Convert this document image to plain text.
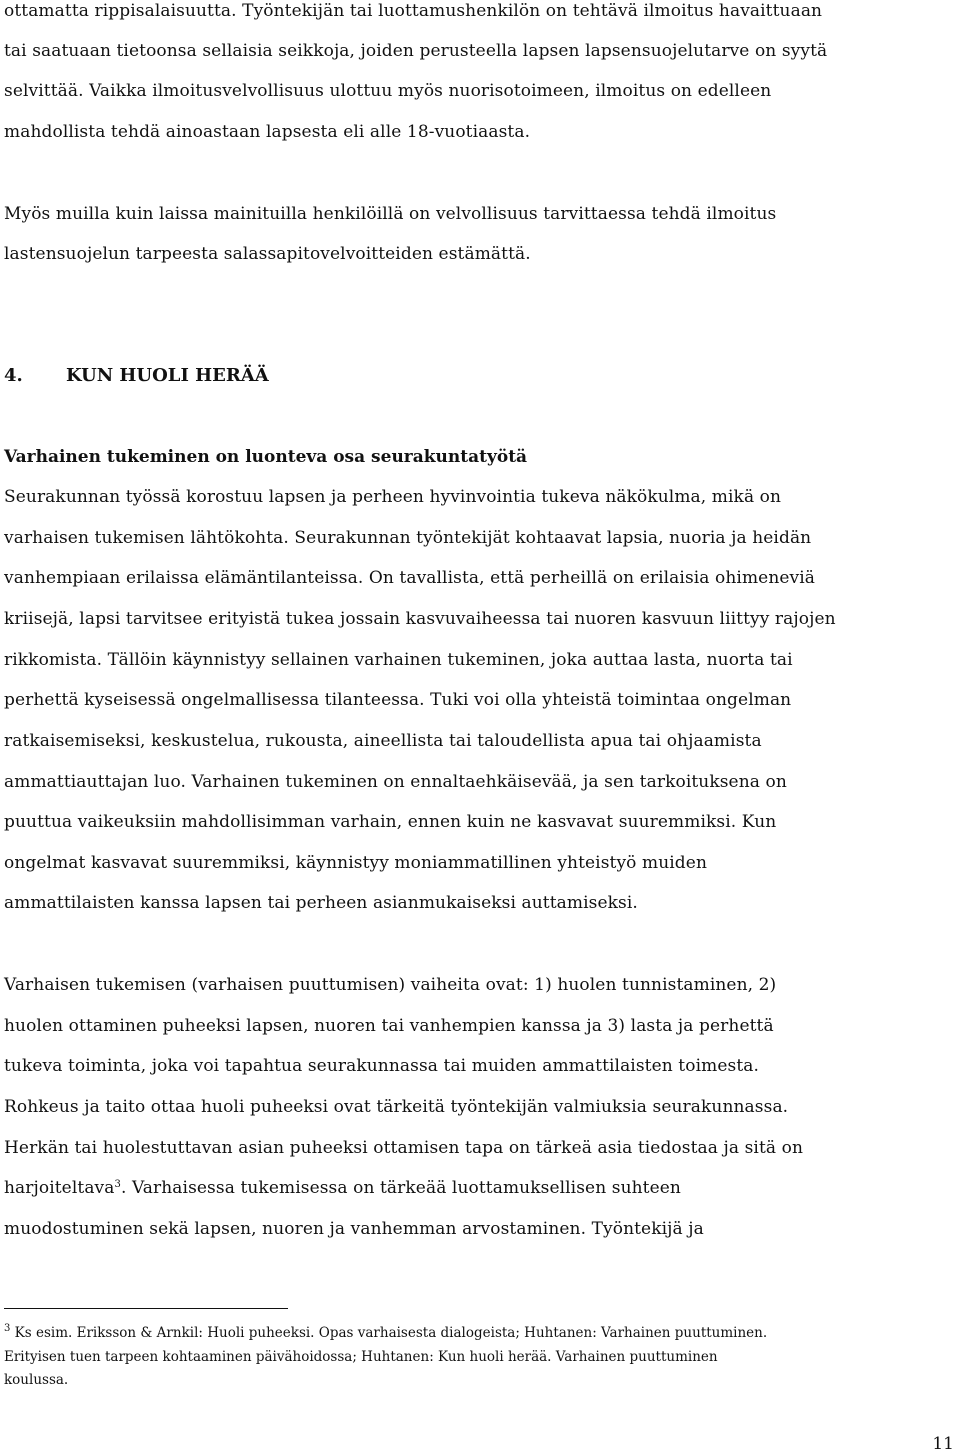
ottamatta rippisalaisuutta. Työntekijän tai luottamushenkilön on tehtävä ilmoitus havaittuaan
tai saatuaan tietoonsa sellaisia seikkoja, joiden perusteella lapsen lapsensuojelutarve on syytä
selvittää. Vaikka ilmoitusvelvollisuus ulottuu myös nuorisotoimeen, ilmoitus on edelleen
mahdollista tehdä ainoastaan lapsesta eli alle 18-vuotiaasta.
Myös muilla kuin laissa mainituilla henkilöillä on velvollisuus tarvittaessa tehdä ilmoitus
lastensuojelun tarpeesta salassapitovelvoitteiden estämättä.
4. KUN HUOLI HERÄÄ
Varhainen tukeminen on luonteva osa seurakuntatyötä
Seurakunnan työssä korostuu lapsen ja perheen hyvinvointia tukeva näkökulma, mikä on
varhaisen tukemisen lähtökohta. Seurakunnan työntekijät kohtaavat lapsia, nuoria ja heidän
vanhempiaan erilaissa elämäntilanteissa. On tavallista, että perheillä on erilaisia ohimeneviä
kriisejä, lapsi tarvitsee erityistä tukea jossain kasvuvaiheessa tai nuoren kasvuun liittyy rajojen
rikkomista. Tällöin käynnistyy sellainen varhainen tukeminen, joka auttaa lasta, nuorta tai
perhettä kyseisessä ongelmallisessa tilanteessa. Tuki voi olla yhteistä toimintaa ongelman
ratkaisemiseksi, keskustelua, rukousta, aineellista tai taloudellista apua tai ohjaamista
ammattiauttajan luo. Varhainen tukeminen on ennaltaehkäisevää, ja sen tarkoituksena on
puuttua vaikeuksiin mahdollisimman varhain, ennen kuin ne kasvavat suuremmiksi. Kun
ongelmat kasvavat suuremmiksi, käynnistyy moniammatillinen yhteistyö muiden
ammattilaisten kanssa lapsen tai perheen asianmukaiseksi auttamiseksi.
Varhaisen tukemisen (varhaisen puuttumisen) vaiheita ovat: 1) huolen tunnistaminen, 2)
huolen ottaminen puheeksi lapsen, nuoren tai vanhempien kanssa ja 3) lasta ja perhettä
tukeva toiminta, joka voi tapahtua seurakunnassa tai muiden ammattilaisten toimesta.
Rohkeus ja taito ottaa huoli puheeksi ovat tärkeitä työntekijän valmiuksia seurakunnassa.
Herkän tai huolestuttavan asian puheeksi ottamisen tapa on tärkeä asia tiedostaa ja sitä on
harjoiteltava$^3$. Varhaisessa tukemisessa on tärkeää luottamuksellisen suhteen
muodostuminen sekä lapsen, nuoren ja vanhemman arvostaminen. Työntekijä ja
$^3$ Ks esim. Eriksson & Arnkil: Huoli puheeksi. Opas varhaisesta dialogeista; Huhtanen: Varhainen puuttuminen.
Erityisen tuen tarpeen kohtaaminen päivähoidossa; Huhtanen: Kun huoli herää. Varhainen puuttuminen
koulussa.
11
